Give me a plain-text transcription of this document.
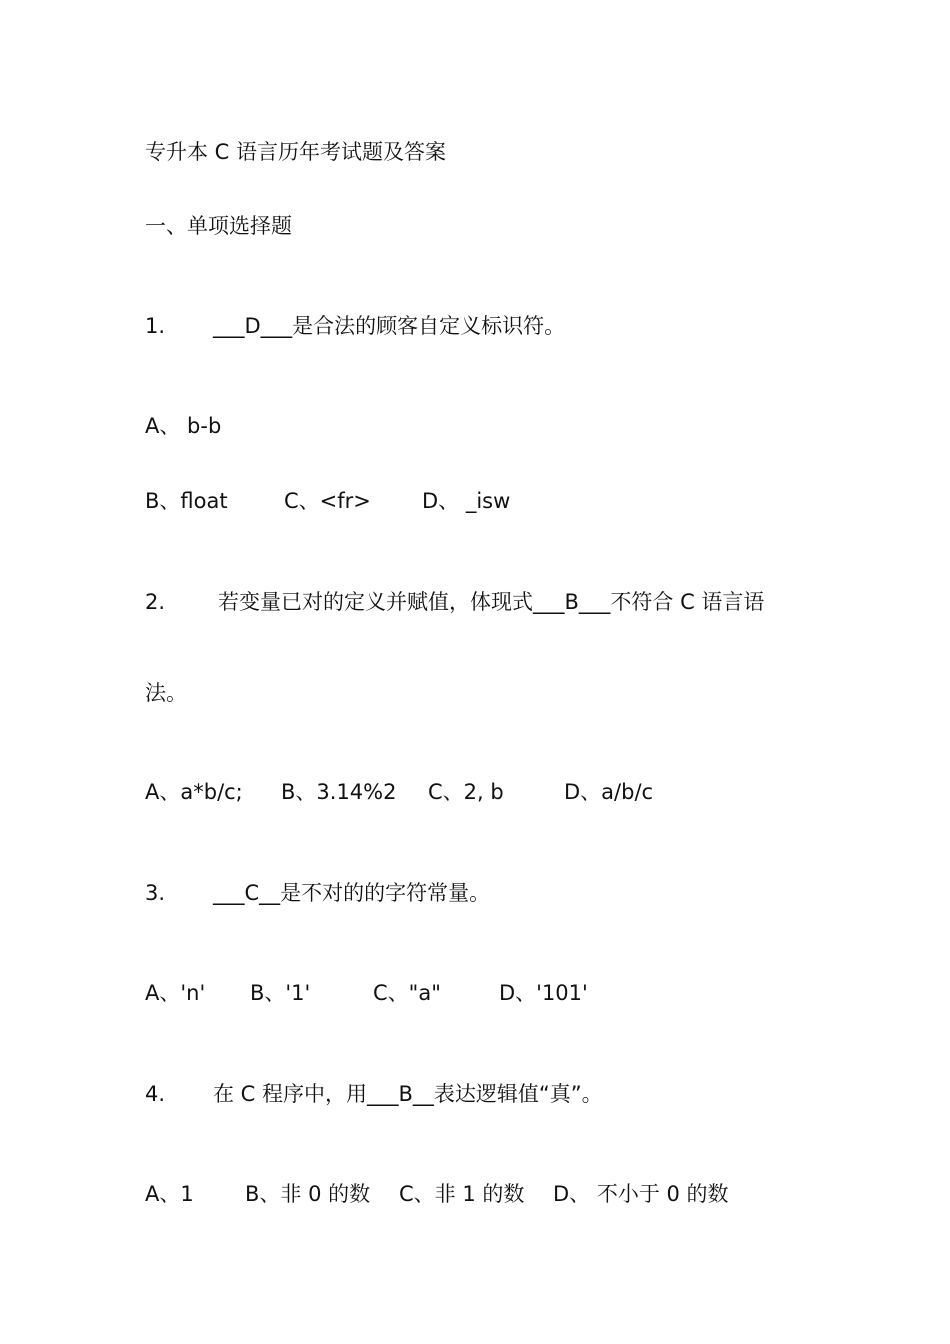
专升本 C 语言历年考试题及答案
一、单项选择题
1. ___D___是合法的顾客自定义标识符。
A、 b-b
B、float	C、<fr> D、 _isw
2.	若变量已对的定义并赋值，体现式___B___不符合 C 语言语
法。
A、a*b/c; B、3.14%2 C、2, b	D、a/b/c
3. ___C__是不对的的字符常量。
A、'n' B、'1'	C、"a"	D、'101'
4. 在 C 程序中，用___B__表达逻辑值“真”。
A、1 B、非 0 的数 C、非 1 的数 D、 不小于 0 的数
